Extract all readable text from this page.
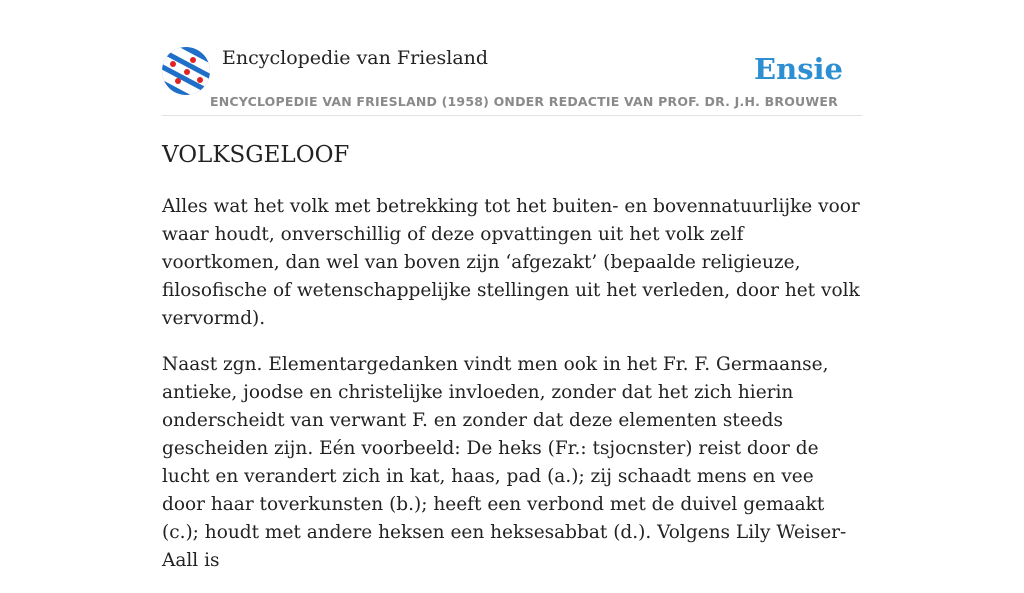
Encyclopedie van Friesland	Ensie
ENCYCLOPEDIE VAN FRIESLAND (1958) ONDER REDACTIE VAN PROF. DR. J.H. BROUWER
VOLKSGELOOF

Alles wat het volk met betrekking tot het buiten- en bovennatuurlijke voor waar houdt, onverschillig of deze opvattingen uit het volk zelf voortkomen, dan wel van boven zijn ‘afgezakt’ (bepaalde religieuze, filosofische of wetenschappelijke stellingen uit het verleden, door het volk vervormd).

Naast zgn. Elementargedanken vindt men ook in het Fr. F. Germaanse, antieke, joodse en christelijke invloeden, zonder dat het zich hierin onderscheidt van verwant F. en zonder dat deze elementen steeds gescheiden zijn. Eén voorbeeld: De heks (Fr.: tsjocnster) reist door de lucht en verandert zich in kat, haas, pad (a.); zij schaadt mens en vee door haar toverkunsten (b.); heeft een verbond met de duivel gemaakt (c.); houdt met andere heksen een heksesabbat (d.). Volgens Lily Weiser-Aall is
